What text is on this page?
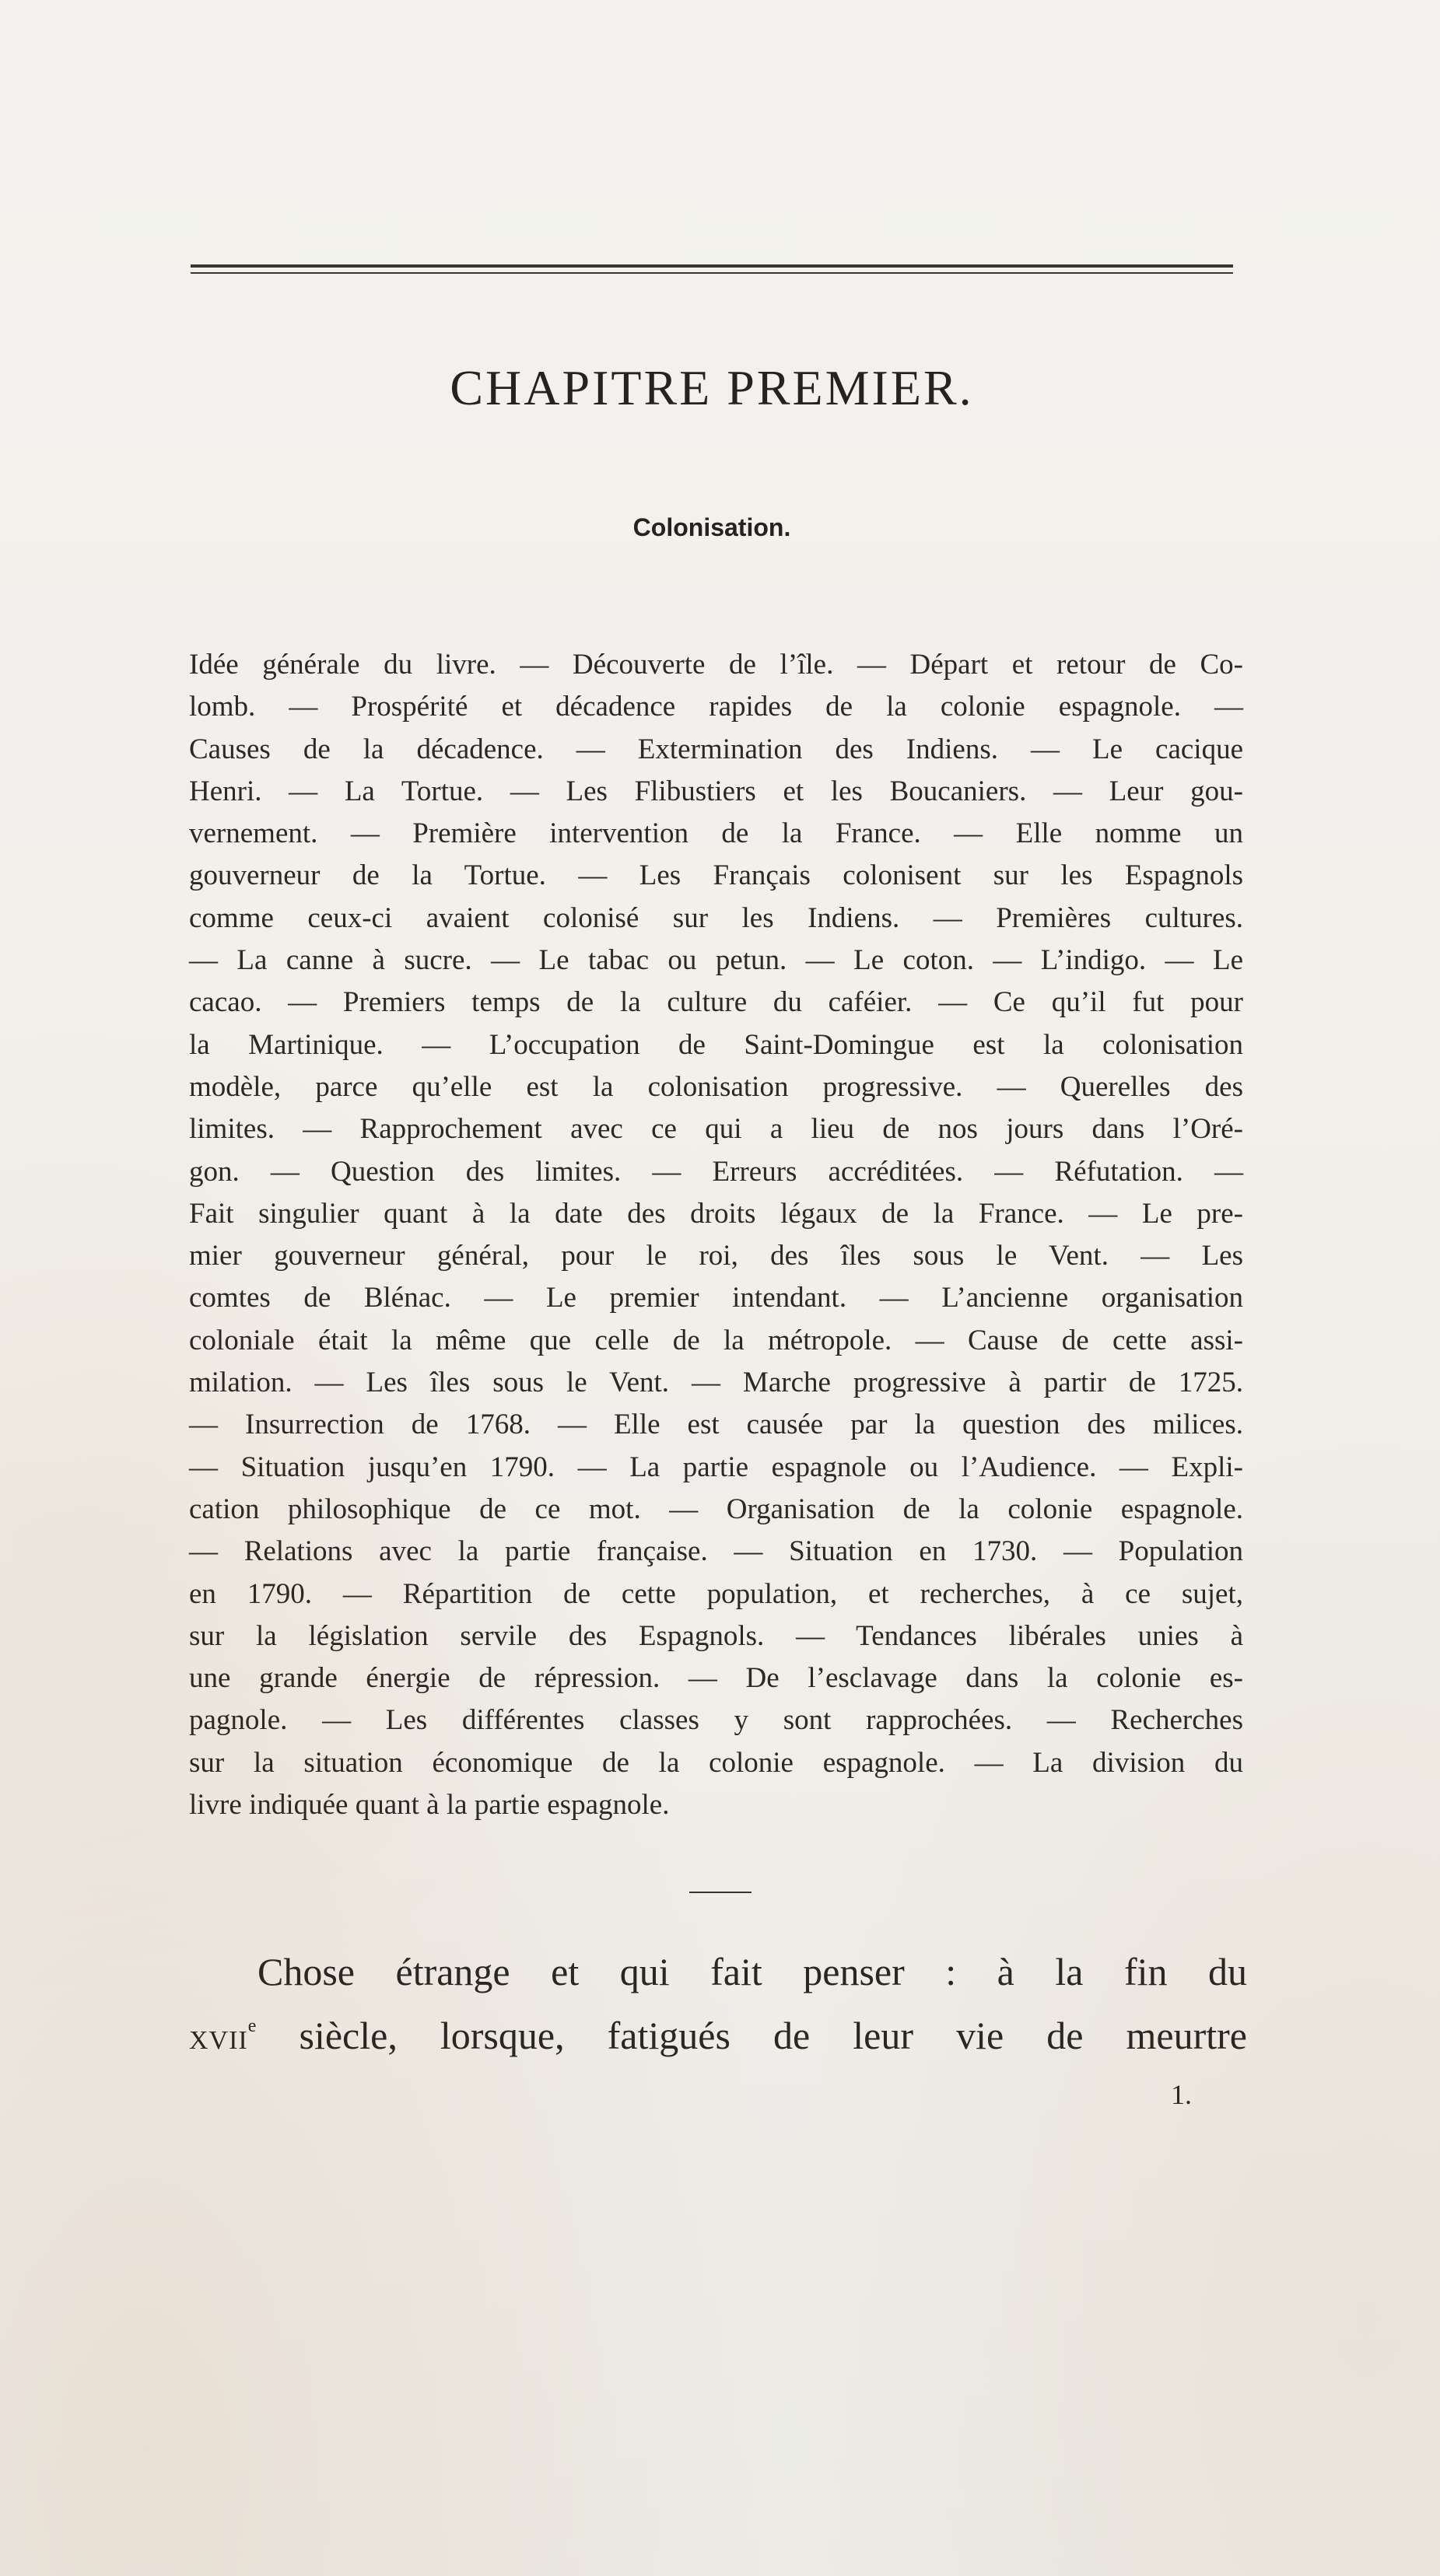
CHAPITRE PREMIER.
Colonisation.
Idée générale du livre. — Découverte de l’île. — Départ et retour de Co-
lomb. — Prospérité et décadence rapides de la colonie espagnole. —
Causes de la décadence. — Extermination des Indiens. — Le cacique
Henri. — La Tortue. — Les Flibustiers et les Boucaniers. — Leur gou-
vernement. — Première intervention de la France. — Elle nomme un
gouverneur de la Tortue. — Les Français colonisent sur les Espagnols
comme ceux-ci avaient colonisé sur les Indiens. — Premières cultures.
— La canne à sucre. — Le tabac ou petun. — Le coton. — L’indigo. — Le
cacao. — Premiers temps de la culture du caféier. — Ce qu’il fut pour
la Martinique. — L’occupation de Saint-Domingue est la colonisation
modèle, parce qu’elle est la colonisation progressive. — Querelles des
limites. — Rapprochement avec ce qui a lieu de nos jours dans l’Oré-
gon. — Question des limites. — Erreurs accréditées. — Réfutation. —
Fait singulier quant à la date des droits légaux de la France. — Le pre-
mier gouverneur général, pour le roi, des îles sous le Vent. — Les
comtes de Blénac. — Le premier intendant. — L’ancienne organisation
coloniale était la même que celle de la métropole. — Cause de cette assi-
milation. — Les îles sous le Vent. — Marche progressive à partir de 1725.
— Insurrection de 1768. — Elle est causée par la question des milices.
— Situation jusqu’en 1790. — La partie espagnole ou l’Audience. — Expli-
cation philosophique de ce mot. — Organisation de la colonie espagnole.
— Relations avec la partie française. — Situation en 1730. — Population
en 1790. — Répartition de cette population, et recherches, à ce sujet,
sur la législation servile des Espagnols. — Tendances libérales unies à
une grande énergie de répression. — De l’esclavage dans la colonie es-
pagnole. — Les différentes classes y sont rapprochées. — Recherches
sur la situation économique de la colonie espagnole. — La division du
livre indiquée quant à la partie espagnole.
Chose étrange et qui fait penser : à la fin du
XVIIe siècle, lorsque, fatigués de leur vie de meurtre
1.
